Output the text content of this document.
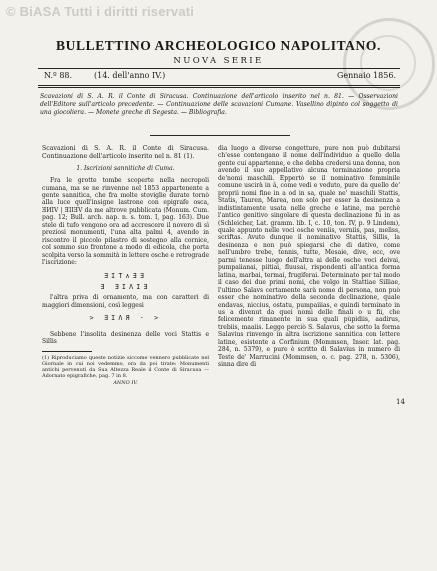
© BiASA Tutti i diritti riservati
BULLETTINO ARCHEOLOGICO NAPOLITANO.
NUOVA SERIE
N.º 88.	(14. dell'anno IV.)	Gennaio 1856.
Scavazioni di S. A. R. il Conte di Siracusa. Continuazione dell'articolo inserito nel n. 81. — Osservazioni dell'Editore sull'articolo precedente. — Continuazione delle scavazioni Cumane. Vasellino dipinto col soggetto di una giocoliera. — Monete greche di Segesta. — Bibliografia.
Scavazioni di S. A. R. il Conte di Siracusa. Continuazione dell'articolo inserito nel n. 81 (1).
1. Iscrizioni sannitiche di Cuma.

Fra le grotte tombe scoperte nella necropoli cumana, ma se ne rinvenne nel 1853 appartenente a gente sannitica, che fra molte stoviglie durate tornò alla luce quell'insigne lastrone con epigrafe osca, ƎИIV | ƎIIƎV da me altrove pubblicata (Monum. Cum. pag. 12; Bull. arch. nap. n. s. tom. I, pag. 163). Due stele di tufo vengono ora ad accrescere il novero di sì preziosi monumenti, l'una alta palmi 4, avendo in riscontro il piccolo pilastro di sostegno alla cornice, col sommo suo frontone a modo di edicola, che porta scolpita verso la sommità in lettere osche e retrograde l'iscrizione:

ƎIT∧ƎƎ
Ǝ ƎIΛIƎ

l'altra priva di ornamento, ma con caratteri di maggiori dimensioni, così leggesi

> ƎIΛЯ · >

Sebbene l'insolita desinenza delle voci Stattis e Sillis

(1) Riproduciamo queste notizie siccome vennero pubblicate nel Giornale in cui noi vedemmo, ora da poi tirate: Monumenti antichi pervenuti da Sua Altezza Reale il Conte di Siracusa — Adornato epigrafiche, pag. 7 in 8.
ANNO IV.

dia luogo a diverse congetture, pure non può dubitarsi ch'esse contengano il nome dell'individuo a quello della gente cui appartenne, e che debba credersi una donna, non avendo il suo appellativo alcuna terminazione propria de'nomi maschili. Eppertò se il nominativo femminile comune uscirà in â, come vedi e veduto, pure da quello de' proprii nomi fine in a od in sa, quale ne' maschili Stattis, Statis, Tauren, Marea, non solo per esser la desinenza a indistintamente usata nelle greche e latine, ma perchè l'antico genitivo singolare di questa declinazione fu in as (Schleicher, Lat. gramm. lib. I, c. 10, ton. IV, p. 9 Lindem), quale appunto nelle voci osche veniis, verniis, pas, meliss, scriftas. Avuto dunque il nominativo Stattis, Sillis, la desinenza e non può spiegarsi che di dativo, come nell'umbro trebe, tennis, tutte, Mesaie, dive, ecc, ove parmi tenesse luogo dell'altra ai delle osche voci deivai, pumpaiianai, piitiai, fluusai, rispondenti all'antica forma latina, marbai, termai, frugiferai. Determinato per tal modo il caso dei due primi nomi, che volgo in Stattiae Silliae, l'ultimo Salavs certamente sarà nome di persona, non può esser che nominativo della seconda declinazione, quale endavas, niccius, ostatu, pumpaiiias, e quindi terminato in us a divenut da quei nomi delle finali o u fii, che felicemente rimanente in sua quali pùpidiis, aadirus, trebiis, maaiis. Leggo perciò S. Salavus, che sotto la forma Salavius rinvengo in altra iscrizione sannitica con lettere latine, esistente a Corfinium (Mommsen, Inser. lat. pag. 284, n. 5379), e pure è scritto di Salavius in numero di Teste de' Marrucini (Mommsen, o. c. pag. 278, n. 5306), sinna dire di

14
